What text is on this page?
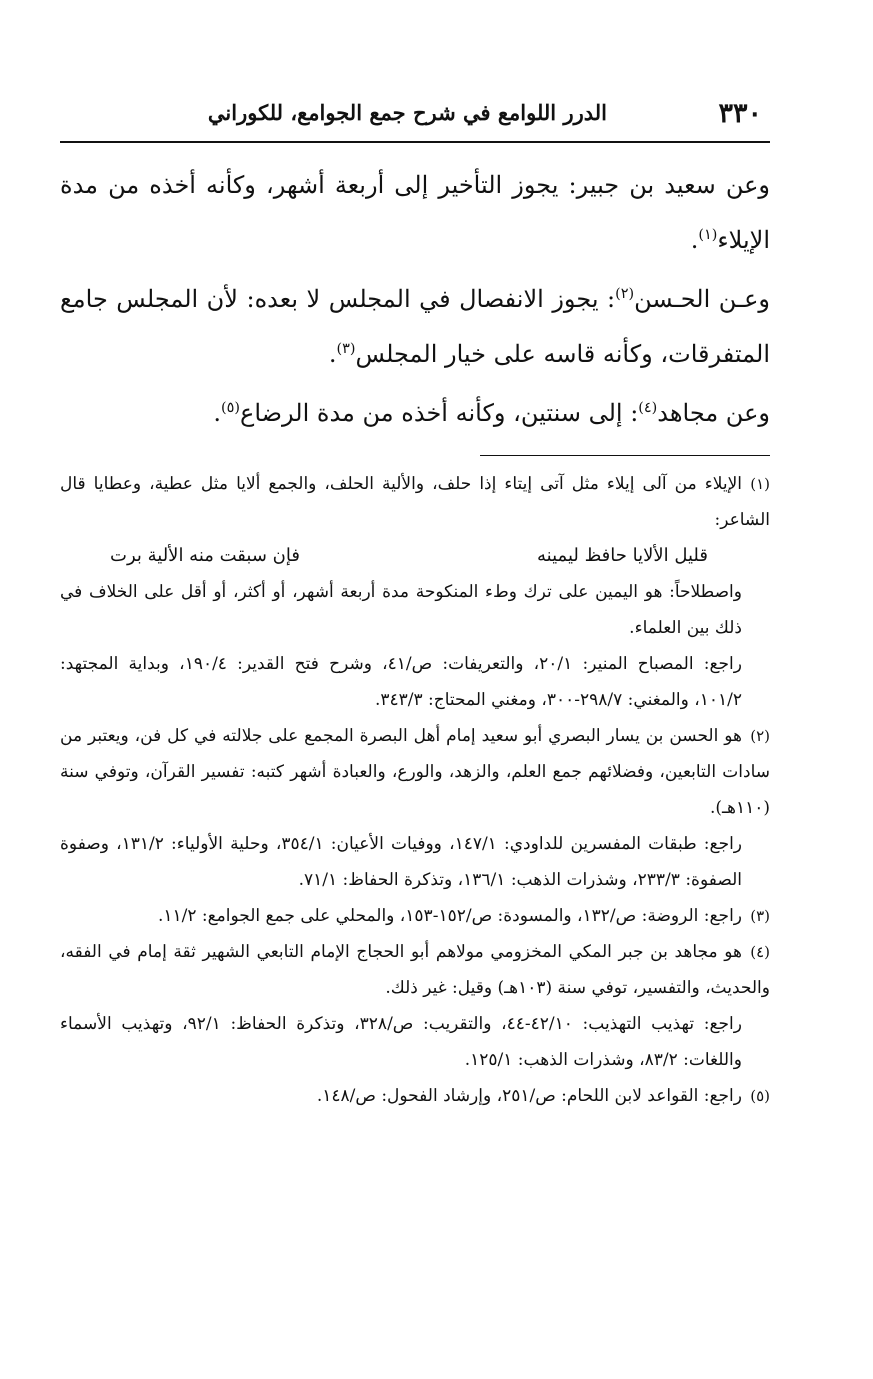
٣٣٠
الدرر اللوامع في شرح جمع الجوامع، للكوراني

وعن سعيد بن جبير: يجوز التأخير إلى أربعة أشهر، وكأنه أخذه من مدة الإيلاء$^{(١)}$.

وعـن الحـسن$^{(٢)}$: يجوز الانفصال في المجلس لا بعده: لأن المجلس جامع المتفرقات، وكأنه قاسه على خيار المجلس$^{(٣)}$.

وعن مجاهد$^{(٤)}$: إلى سنتين، وكأنه أخذه من مدة الرضاع$^{(٥)}$.

(١)الإيلاء من آلى إيلاء مثل آتى إيتاء إذا حلف، والألية الحلف، والجمع ألايا مثل عطية، وعطايا قال الشاعر:

قليل الألايا حافظ ليمينه
فإن سبقت منه الألية برت

واصطلاحاً: هو اليمين على ترك وطء المنكوحة مدة أربعة أشهر، أو أكثر، أو أقل على الخلاف في ذلك بين العلماء.

راجع: المصباح المنير: ٢٠/١، والتعريفات: ص/٤١، وشرح فتح القدير: ١٩٠/٤، وبداية المجتهد: ١٠١/٢، والمغني: ٢٩٨/٧-٣٠٠، ومغني المحتاج: ٣٤٣/٣.

(٢)هو الحسن بن يسار البصري أبو سعيد إمام أهل البصرة المجمع على جلالته في كل فن، ويعتبر من سادات التابعين، وفضلائهم جمع العلم، والزهد، والورع، والعبادة أشهر كتبه: تفسير القرآن، وتوفي سنة (١١٠هـ).

راجع: طبقات المفسرين للداودي: ١٤٧/١، ووفيات الأعيان: ٣٥٤/١، وحلية الأولياء: ١٣١/٢، وصفوة الصفوة: ٢٣٣/٣، وشذرات الذهب: ١٣٦/١، وتذكرة الحفاظ: ٧١/١.

(٣)راجع: الروضة: ص/١٣٢، والمسودة: ص/١٥٢-١٥٣، والمحلي على جمع الجوامع: ١١/٢.

(٤)هو مجاهد بن جبر المكي المخزومي مولاهم أبو الحجاج الإمام التابعي الشهير ثقة إمام في الفقه، والحديث، والتفسير، توفي سنة (١٠٣هـ) وقيل: غير ذلك.

راجع: تهذيب التهذيب: ٤٢/١٠-٤٤، والتقريب: ص/٣٢٨، وتذكرة الحفاظ: ٩٢/١، وتهذيب الأسماء واللغات: ٨٣/٢، وشذرات الذهب: ١٢٥/١.

(٥)راجع: القواعد لابن اللحام: ص/٢٥١، وإرشاد الفحول: ص/١٤٨.
